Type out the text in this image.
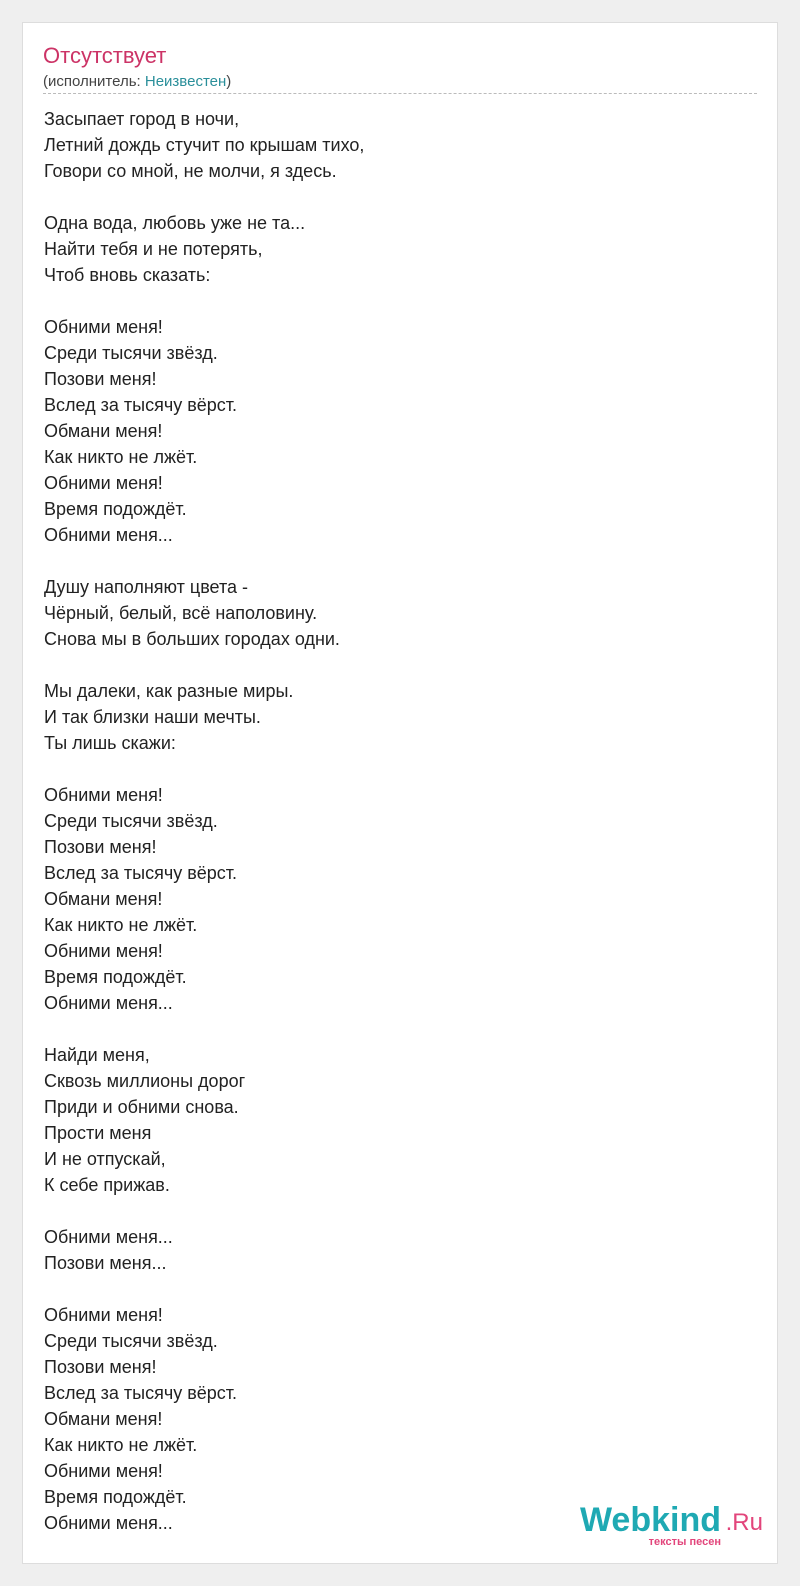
Отсутствует
(исполнитель: Неизвестен)
Засыпает город в ночи,
Летний дождь стучит по крышам тихо,
Говори со мной, не молчи, я здесь.
Одна вода, любовь уже не та...
Найти тебя и не потерять,
Чтоб вновь сказать:
Обними меня!
Среди тысячи звёзд.
Позови меня!
Вслед за тысячу вёрст.
Обмани меня!
Как никто не лжёт.
Обними меня!
Время подождёт.
Обними меня...
Душу наполняют цвета -
Чёрный, белый, всё наполовину.
Снова мы в больших городах одни.
Мы далеки, как разные миры.
И так близки наши мечты.
Ты лишь скажи:
Обними меня!
Среди тысячи звёзд.
Позови меня!
Вслед за тысячу вёрст.
Обмани меня!
Как никто не лжёт.
Обними меня!
Время подождёт.
Обними меня...
Найди меня,
Сквозь миллионы дорог
Приди и обними снова.
Прости меня
И не отпускай,
К себе прижав.
Обними меня...
Позови меня...
Обними меня!
Среди тысячи звёзд.
Позови меня!
Вслед за тысячу вёрст.
Обмани меня!
Как никто не лжёт.
Обними меня!
Время подождёт.
Обними меня...	Webkind .Ru
тексты песен
